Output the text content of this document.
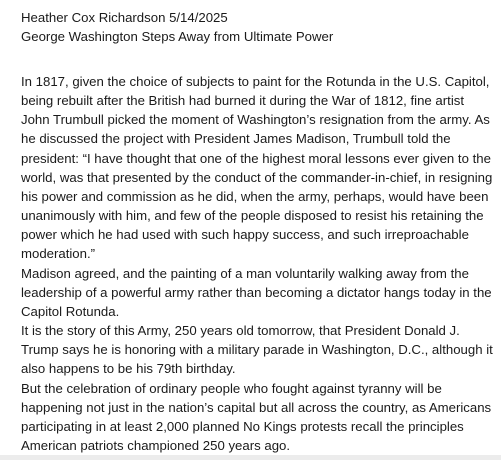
Heather Cox Richardson 5/14/2025
George Washington Steps Away from Ultimate Power

In 1817, given the choice of subjects to paint for the Rotunda in the U.S. Capitol, being rebuilt after the British had burned it during the War of 1812, fine artist John Trumbull picked the moment of Washington’s resignation from the army. As he discussed the project with President James Madison, Trumbull told the president: “I have thought that one of the highest moral lessons ever given to the world, was that presented by the conduct of the commander-in-chief, in resigning his power and commission as he did, when the army, perhaps, would have been unanimously with him, and few of the people disposed to resist his retaining the power which he had used with such happy success, and such irreproachable moderation.”

Madison agreed, and the painting of a man voluntarily walking away from the leadership of a powerful army rather than becoming a dictator hangs today in the Capitol Rotunda.

It is the story of this Army, 250 years old tomorrow, that President Donald J. Trump says he is honoring with a military parade in Washington, D.C., although it also happens to be his 79th birthday.

But the celebration of ordinary people who fought against tyranny will be happening not just in the nation’s capital but all across the country, as Americans participating in at least 2,000 planned No Kings protests recall the principles American patriots championed 250 years ago.
